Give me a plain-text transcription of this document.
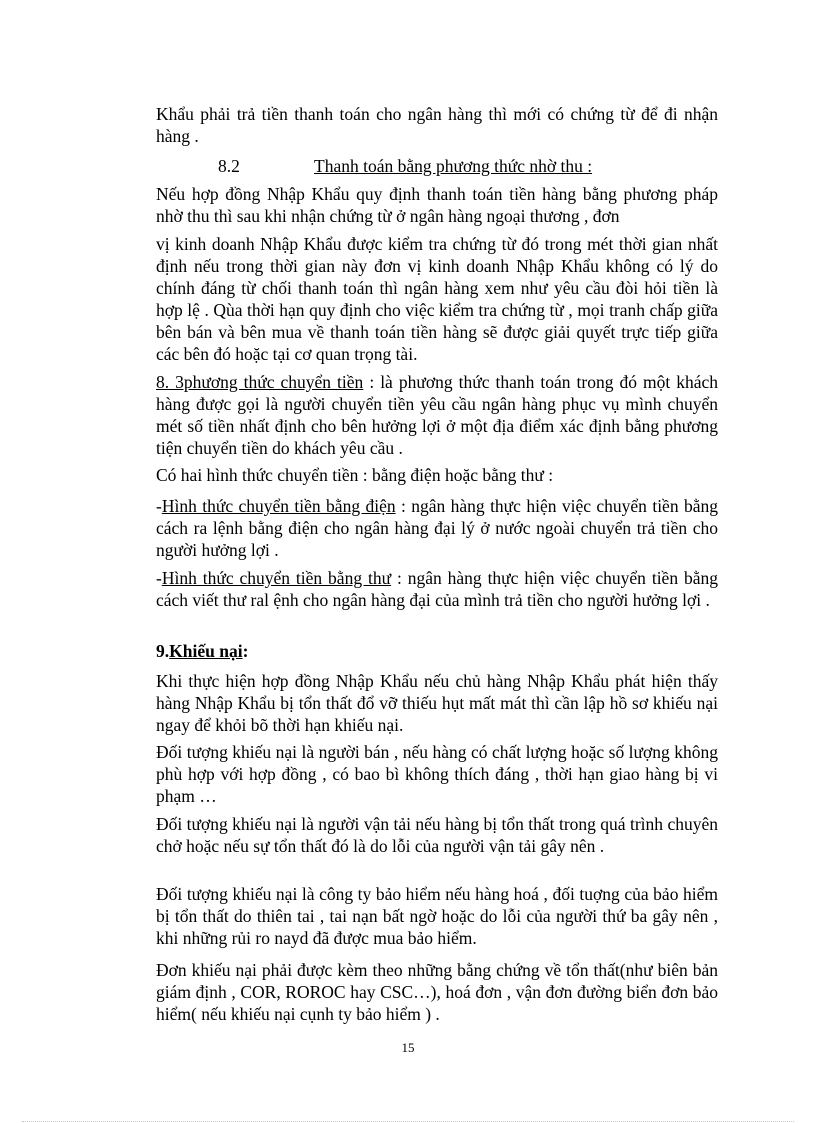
Khẩu phải trả tiền thanh toán cho ngân hàng thì mới có chứng từ để đi nhận hàng .

8.2	Thanh toán bằng phương thức nhờ thu :

Nếu hợp đồng Nhập Khẩu quy định thanh toán tiền hàng bằng phương pháp nhờ thu thì sau khi nhận chứng từ ở ngân hàng ngoại thương , đơn

vị kinh doanh Nhập Khẩu được kiểm tra chứng từ đó trong mét thời gian nhất định nếu trong thời gian này đơn vị kinh doanh Nhập Khẩu không có lý do chính đáng từ chối thanh toán thì ngân hàng xem như yêu cầu đòi hỏi tiền là hợp lệ . Qùa thời hạn quy định cho việc kiểm tra chứng từ , mọi tranh chấp giữa bên bán và bên mua về thanh toán tiền hàng sẽ được giải quyết trực tiếp giữa các bên đó hoặc tại cơ quan trọng tài.

8. 3phương thức chuyển tiền : là phương thức thanh toán trong đó một khách hàng được gọi là người chuyển tiền yêu cầu ngân hàng phục vụ mình chuyển mét số tiền nhất định cho bên hưởng lợi ở một địa điểm xác định bằng phương tiện chuyển tiền do khách yêu cầu .

Có hai hình thức chuyển tiền : bằng điện hoặc bằng thư :

-Hình thức chuyển tiền bằng điện : ngân hàng thực hiện việc chuyển tiền bằng cách ra lệnh bằng điện cho ngân hàng đại lý ở nước ngoài chuyển trả tiền cho người hưởng lợi .

-Hình thức chuyển tiền bằng thư : ngân hàng thực hiện việc chuyển tiền bằng cách viết thư ral ệnh cho ngân hàng đại của mình trả tiền cho người hưởng lợi .

9.Khiếu nại:

Khi thực hiện hợp đồng Nhập Khẩu nếu chủ hàng Nhập Khẩu phát hiện thấy hàng Nhập Khẩu bị tổn thất đổ vỡ thiếu hụt mất mát thì cần lập hồ sơ khiếu nại ngay để khỏi bõ thời hạn khiếu nại.

Đối tượng khiếu nại là người bán , nếu hàng có chất lượng hoặc số lượng không phù hợp với hợp đồng , có bao bì không thích đáng , thời hạn giao hàng bị vi phạm …

Đối tượng khiếu nại là người vận tải nếu hàng bị tổn thất trong quá trình chuyên chở hoặc nếu sự tổn thất đó là do lỗi của người vận tải gây nên .

Đối tượng khiếu nại là công ty bảo hiểm nếu hàng hoá , đối tuợng của bảo hiểm bị tổn thất do thiên tai , tai nạn bất ngờ hoặc do lỗi của người thứ ba gây nên , khi những rủi ro nayd đã được mua bảo hiểm.

Đơn khiếu nại phải được kèm theo những bằng chứng về tổn thất(như biên bản giám định , COR, ROROC hay CSC…), hoá đơn , vận đơn đường biển đơn bảo hiểm( nếu khiếu nại cụnh ty bảo hiểm ) .

15
